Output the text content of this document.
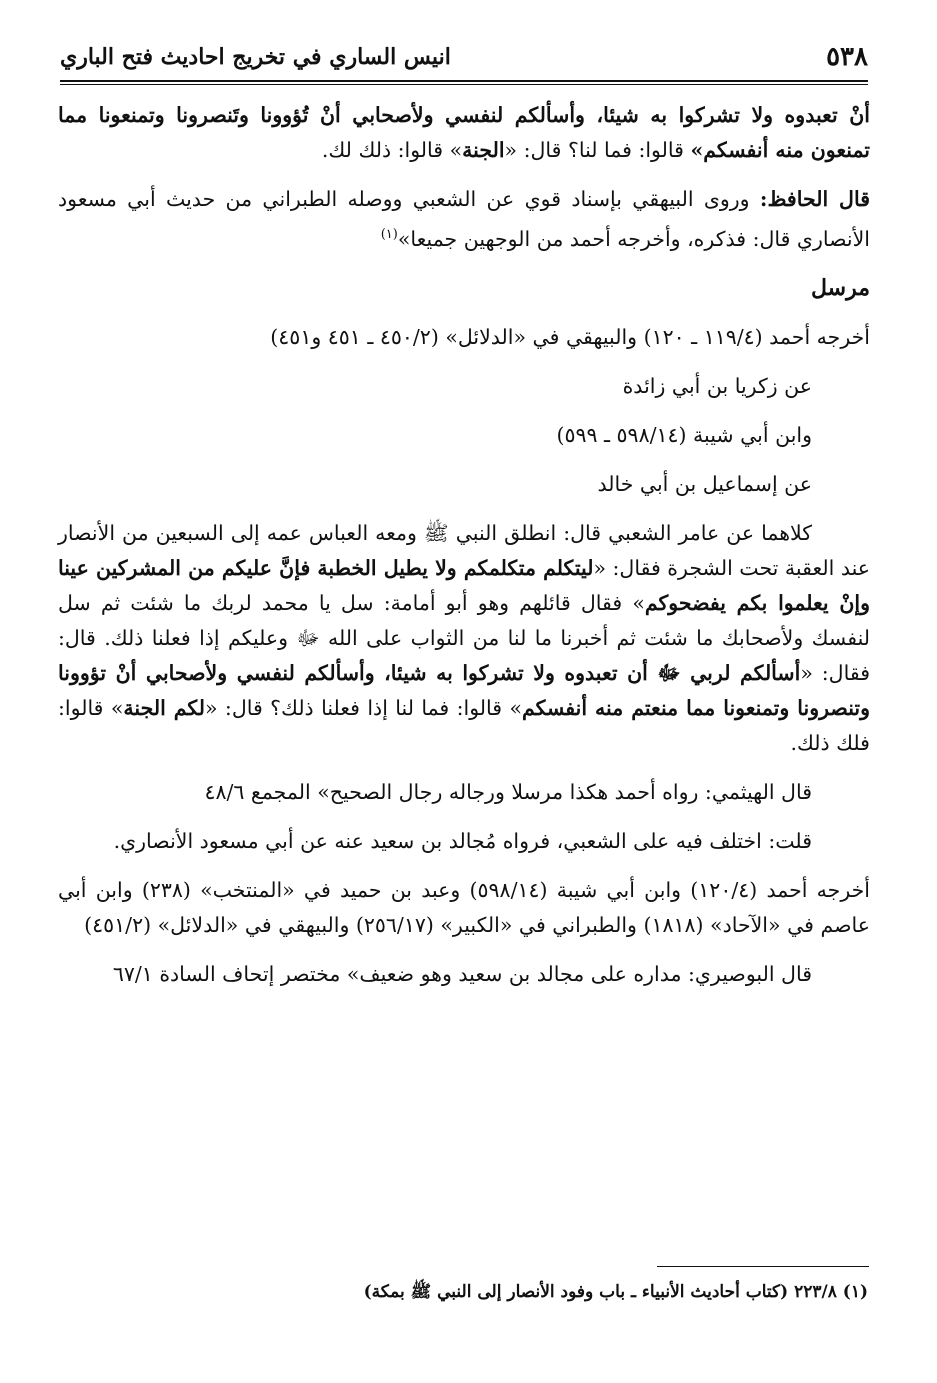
٥٣٨
انيس الساري في تخريج احاديث فتح الباري

أنْ تعبدوه ولا تشركوا به شيئا، وأسألكم لنفسي ولأصحابي أنْ تُؤوونا وتَنصرونا وتمنعونا مما تمنعون منه أنفسكم» قالوا: فما لنا؟ قال: «الجنة» قالوا: ذلك لك.

قال الحافظ: وروى البيهقي بإسناد قوي عن الشعبي ووصله الطبراني من حديث أبي مسعود الأنصاري قال: فذكره، وأخرجه أحمد من الوجهين جميعا»$^{(١)}$

مرسل

أخرجه أحمد (١١٩/٤ ـ ١٢٠) والبيهقي في «الدلائل» (٤٥٠/٢ ـ ٤٥١ و٤٥١)

عن زكريا بن أبي زائدة

وابن أبي شيبة (٥٩٨/١٤ ـ ٥٩٩)

عن إسماعيل بن أبي خالد

كلاهما عن عامر الشعبي قال: انطلق النبي ﷺ ومعه العباس عمه إلى السبعين من الأنصار عند العقبة تحت الشجرة فقال: «ليتكلم متكلمكم ولا يطيل الخطبة فإنَّ عليكم من المشركين عينا وإنْ يعلموا بكم يفضحوكم» فقال قائلهم وهو أبو أمامة: سل يا محمد لربك ما شئت ثم سل لنفسك ولأصحابك ما شئت ثم أخبرنا ما لنا من الثواب على الله ﷻ وعليكم إذا فعلنا ذلك. قال: فقال: «أسألكم لربي ﷻ أن تعبدوه ولا تشركوا به شيئا، وأسألكم لنفسي ولأصحابي أنْ تؤوونا وتنصرونا وتمنعونا مما منعتم منه أنفسكم» قالوا: فما لنا إذا فعلنا ذلك؟ قال: «لكم الجنة» قالوا: فلك ذلك.

قال الهيثمي: رواه أحمد هكذا مرسلا ورجاله رجال الصحيح» المجمع ٤٨/٦

قلت: اختلف فيه على الشعبي، فرواه مُجالد بن سعيد عنه عن أبي مسعود الأنصاري.

أخرجه أحمد (١٢٠/٤) وابن أبي شيبة (٥٩٨/١٤) وعبد بن حميد في «المنتخب» (٢٣٨) وابن أبي عاصم في «الآحاد» (١٨١٨) والطبراني في «الكبير» (٢٥٦/١٧) والبيهقي في «الدلائل» (٤٥١/٢)

قال البوصيري: مداره على مجالد بن سعيد وهو ضعيف» مختصر إتحاف السادة ٦٧/١

(١) ٢٢٣/٨ (كتاب أحاديث الأنبياء ـ باب وفود الأنصار إلى النبي ﷺ بمكة)
